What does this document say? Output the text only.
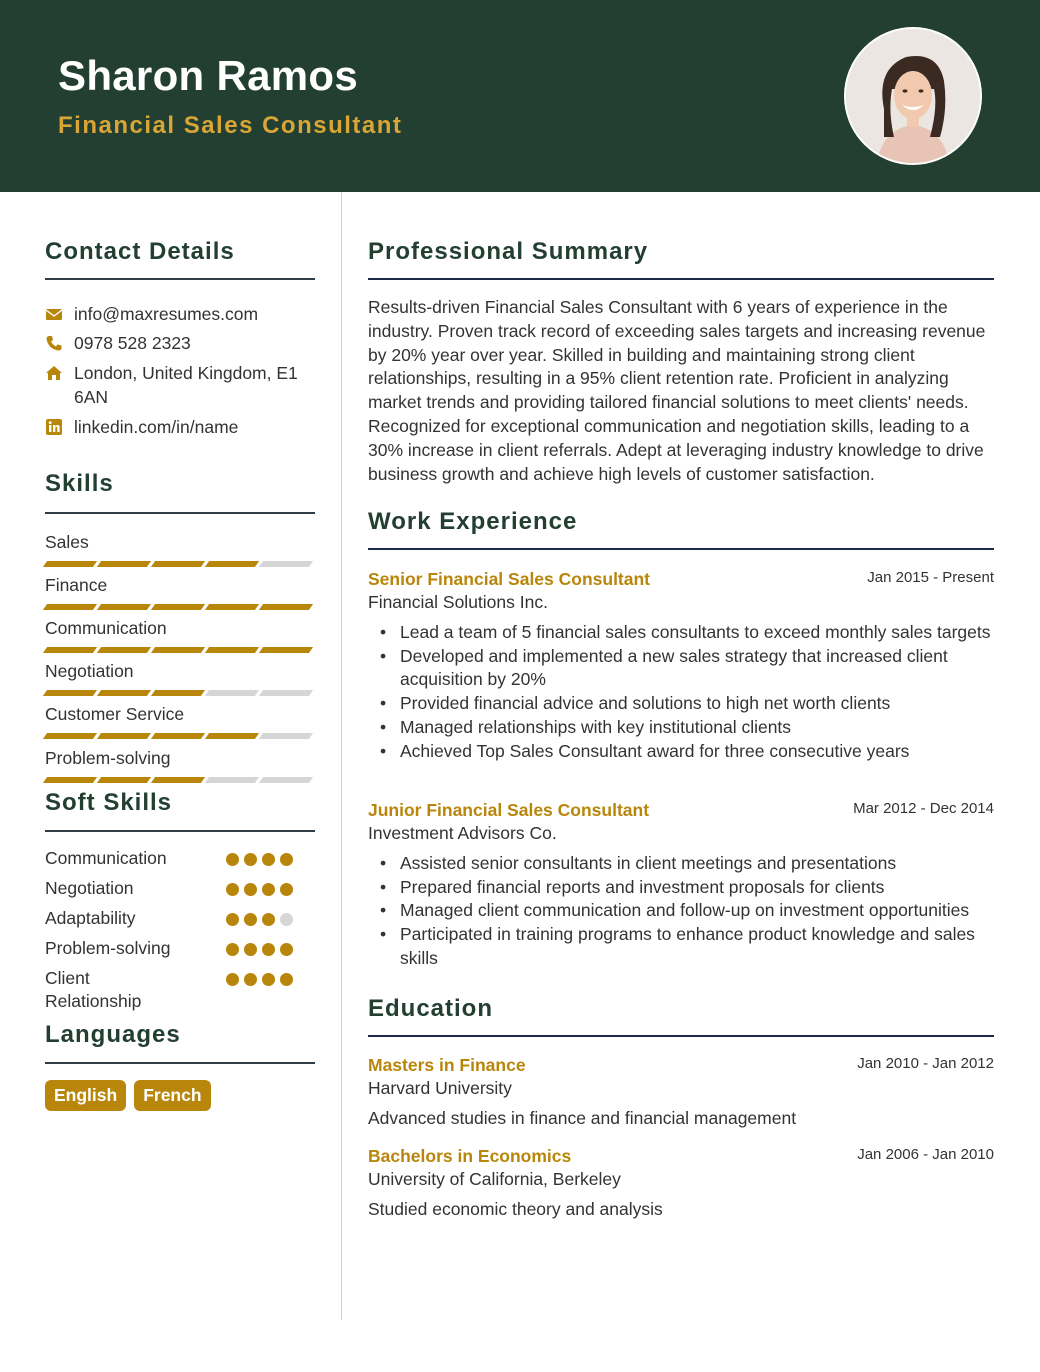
Sharon Ramos
Financial Sales Consultant
Contact Details
info@maxresumes.com
0978 528 2323
London, United Kingdom, E1 6AN
linkedin.com/in/name
Skills
Sales
Finance
Communication
Negotiation
Customer Service
Problem-solving
Soft Skills
Communication
Negotiation
Adaptability
Problem-solving
Client Relationship
Languages
English	French
Professional Summary
Results-driven Financial Sales Consultant with 6 years of experience in the industry. Proven track record of exceeding sales targets and increasing revenue by 20% year over year. Skilled in building and maintaining strong client relationships, resulting in a 95% client retention rate. Proficient in analyzing market trends and providing tailored financial solutions to meet clients' needs. Recognized for exceptional communication and negotiation skills, leading to a 30% increase in client referrals. Adept at leveraging industry knowledge to drive business growth and achieve high levels of customer satisfaction.
Work Experience
Senior Financial Sales Consultant	Jan 2015 - Present
Financial Solutions Inc.
• Lead a team of 5 financial sales consultants to exceed monthly sales targets
• Developed and implemented a new sales strategy that increased client acquisition by 20%
• Provided financial advice and solutions to high net worth clients
• Managed relationships with key institutional clients
• Achieved Top Sales Consultant award for three consecutive years
Junior Financial Sales Consultant	Mar 2012 - Dec 2014
Investment Advisors Co.
• Assisted senior consultants in client meetings and presentations
• Prepared financial reports and investment proposals for clients
• Managed client communication and follow-up on investment opportunities
• Participated in training programs to enhance product knowledge and sales skills
Education
Masters in Finance	Jan 2010 - Jan 2012
Harvard University
Advanced studies in finance and financial management
Bachelors in Economics	Jan 2006 - Jan 2010
University of California, Berkeley
Studied economic theory and analysis
